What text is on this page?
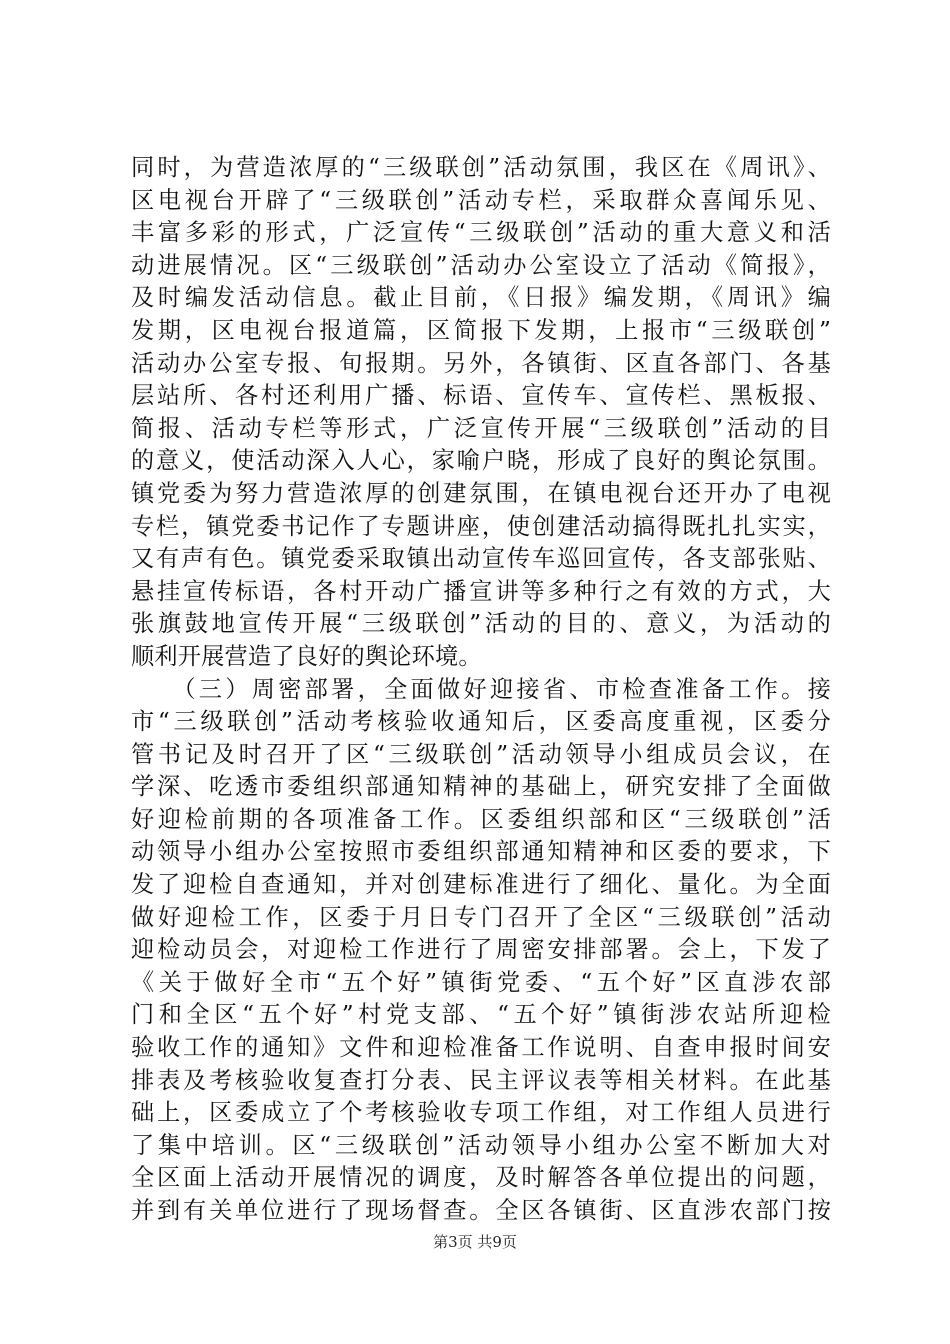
同时，为营造浓厚的“三级联创”活动氛围，我区在《周讯》、
区电视台开辟了“三级联创”活动专栏，采取群众喜闻乐见、
丰富多彩的形式，广泛宣传“三级联创”活动的重大意义和活
动进展情况。区“三级联创”活动办公室设立了活动《简报》，
及时编发活动信息。截止目前，《日报》编发期，《周讯》编
发期，区电视台报道篇，区简报下发期，上报市“三级联创”
活动办公室专报、旬报期。另外，各镇街、区直各部门、各基
层站所、各村还利用广播、标语、宣传车、宣传栏、黑板报、
简报、活动专栏等形式，广泛宣传开展“三级联创”活动的目
的意义，使活动深入人心，家喻户晓，形成了良好的舆论氛围。
镇党委为努力营造浓厚的创建氛围，在镇电视台还开办了电视
专栏，镇党委书记作了专题讲座，使创建活动搞得既扎扎实实，
又有声有色。镇党委采取镇出动宣传车巡回宣传，各支部张贴、
悬挂宣传标语，各村开动广播宣讲等多种行之有效的方式，大
张旗鼓地宣传开展“三级联创”活动的目的、意义，为活动的
顺利开展营造了良好的舆论环境。
　　（三）周密部署，全面做好迎接省、市检查准备工作。接
市“三级联创”活动考核验收通知后，区委高度重视，区委分
管书记及时召开了区“三级联创”活动领导小组成员会议，在
学深、吃透市委组织部通知精神的基础上，研究安排了全面做
好迎检前期的各项准备工作。区委组织部和区“三级联创”活
动领导小组办公室按照市委组织部通知精神和区委的要求，下
发了迎检自查通知，并对创建标准进行了细化、量化。为全面
做好迎检工作，区委于月日专门召开了全区“三级联创”活动
迎检动员会，对迎检工作进行了周密安排部署。会上，下发了
《关于做好全市“五个好”镇街党委、“五个好”区直涉农部
门和全区“五个好”村党支部、“五个好”镇街涉农站所迎检
验收工作的通知》文件和迎检准备工作说明、自查申报时间安
排表及考核验收复查打分表、民主评议表等相关材料。在此基
础上，区委成立了个考核验收专项工作组，对工作组人员进行
了集中培训。区“三级联创”活动领导小组办公室不断加大对
全区面上活动开展情况的调度，及时解答各单位提出的问题，
并到有关单位进行了现场督查。全区各镇街、区直涉农部门按
第3页 共9页
